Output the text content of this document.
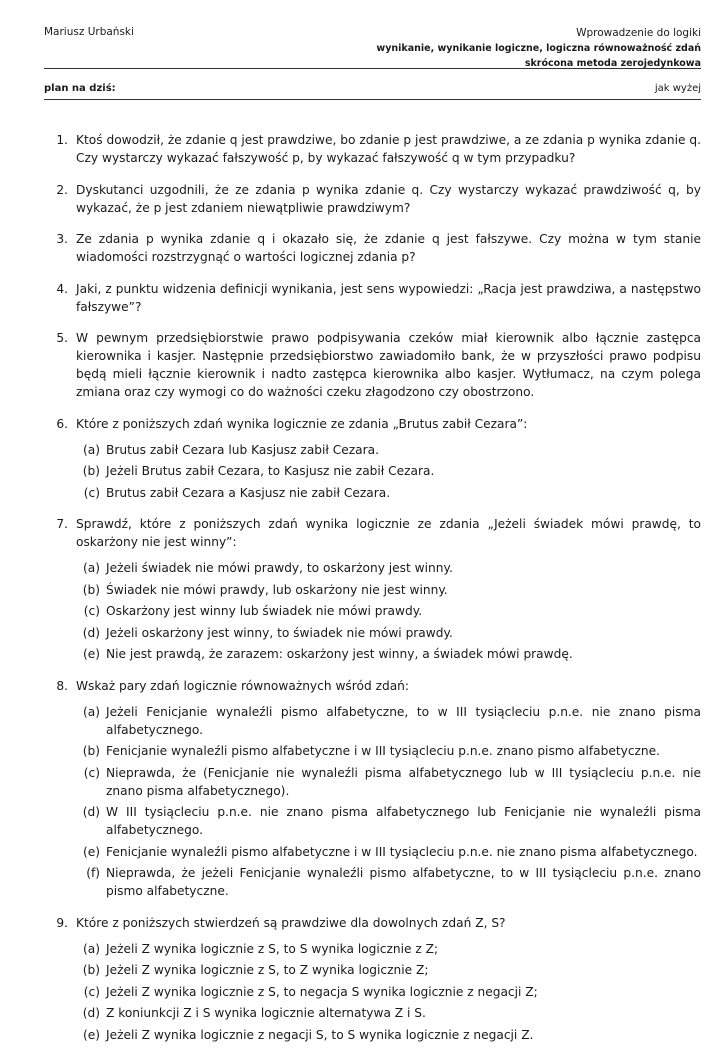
Mariusz Urbański	Wprowadzenie do logiki
wynikanie, wynikanie logiczne, logiczna równoważność zdań
skrócona metoda zerojedynkowa
plan na dziś:	jak wyżej
1. Ktoś dowodził, że zdanie q jest prawdziwe, bo zdanie p jest prawdziwe, a ze zdania p wynika zdanie q. Czy wystarczy wykazać fałszywość p, by wykazać fałszywość q w tym przypadku?
2. Dyskutanci uzgodnili, że ze zdania p wynika zdanie q. Czy wystarczy wykazać prawdziwość q, by wykazać, że p jest zdaniem niewątpliwie prawdziwym?
3. Ze zdania p wynika zdanie q i okazało się, że zdanie q jest fałszywe. Czy można w tym stanie wiadomości rozstrzygnąć o wartości logicznej zdania p?
4. Jaki, z punktu widzenia definicji wynikania, jest sens wypowiedzi: „Racja jest prawdziwa, a następstwo fałszywe”?
5. W pewnym przedsiębiorstwie prawo podpisywania czeków miał kierownik albo łącznie zastępca kierownika i kasjer. Następnie przedsiębiorstwo zawiadomiło bank, że w przyszłości prawo podpisu będą mieli łącznie kierownik i nadto zastępca kierownika albo kasjer. Wytłumacz, na czym polega zmiana oraz czy wymogi co do ważności czeku złagodzono czy obostrzono.
6. Które z poniższych zdań wynika logicznie ze zdania „Brutus zabił Cezara”:
(a) Brutus zabił Cezara lub Kasjusz zabił Cezara.
(b) Jeżeli Brutus zabił Cezara, to Kasjusz nie zabił Cezara.
(c) Brutus zabił Cezara a Kasjusz nie zabił Cezara.
7. Sprawdź, które z poniższych zdań wynika logicznie ze zdania „Jeżeli świadek mówi prawdę, to oskarżony nie jest winny”:
(a) Jeżeli świadek nie mówi prawdy, to oskarżony jest winny.
(b) Świadek nie mówi prawdy, lub oskarżony nie jest winny.
(c) Oskarżony jest winny lub świadek nie mówi prawdy.
(d) Jeżeli oskarżony jest winny, to świadek nie mówi prawdy.
(e) Nie jest prawdą, że zarazem: oskarżony jest winny, a świadek mówi prawdę.
8. Wskaż pary zdań logicznie równoważnych wśród zdań:
(a) Jeżeli Fenicjanie wynaleźli pismo alfabetyczne, to w III tysiącleciu p.n.e. nie znano pisma alfabetycznego.
(b) Fenicjanie wynaleźli pismo alfabetyczne i w III tysiącleciu p.n.e. znano pismo alfabetyczne.
(c) Nieprawda, że (Fenicjanie nie wynaleźli pisma alfabetycznego lub w III tysiącleciu p.n.e. nie znano pisma alfabetycznego).
(d) W III tysiącleciu p.n.e. nie znano pisma alfabetycznego lub Fenicjanie nie wynaleźli pisma alfabetycznego.
(e) Fenicjanie wynaleźli pismo alfabetyczne i w III tysiącleciu p.n.e. nie znano pisma alfabetycznego.
(f) Nieprawda, że jeżeli Fenicjanie wynaleźli pismo alfabetyczne, to w III tysiącleciu p.n.e. znano pismo alfabetyczne.
9. Które z poniższych stwierdzeń są prawdziwe dla dowolnych zdań Z, S?
(a) Jeżeli Z wynika logicznie z S, to S wynika logicznie z Z;
(b) Jeżeli Z wynika logicznie z S, to Z wynika logicznie Z;
(c) Jeżeli Z wynika logicznie z S, to negacja S wynika logicznie z negacji Z;
(d) Z koniunkcji Z i S wynika logicznie alternatywa Z i S.
(e) Jeżeli Z wynika logicznie z negacji S, to S wynika logicznie z negacji Z.
